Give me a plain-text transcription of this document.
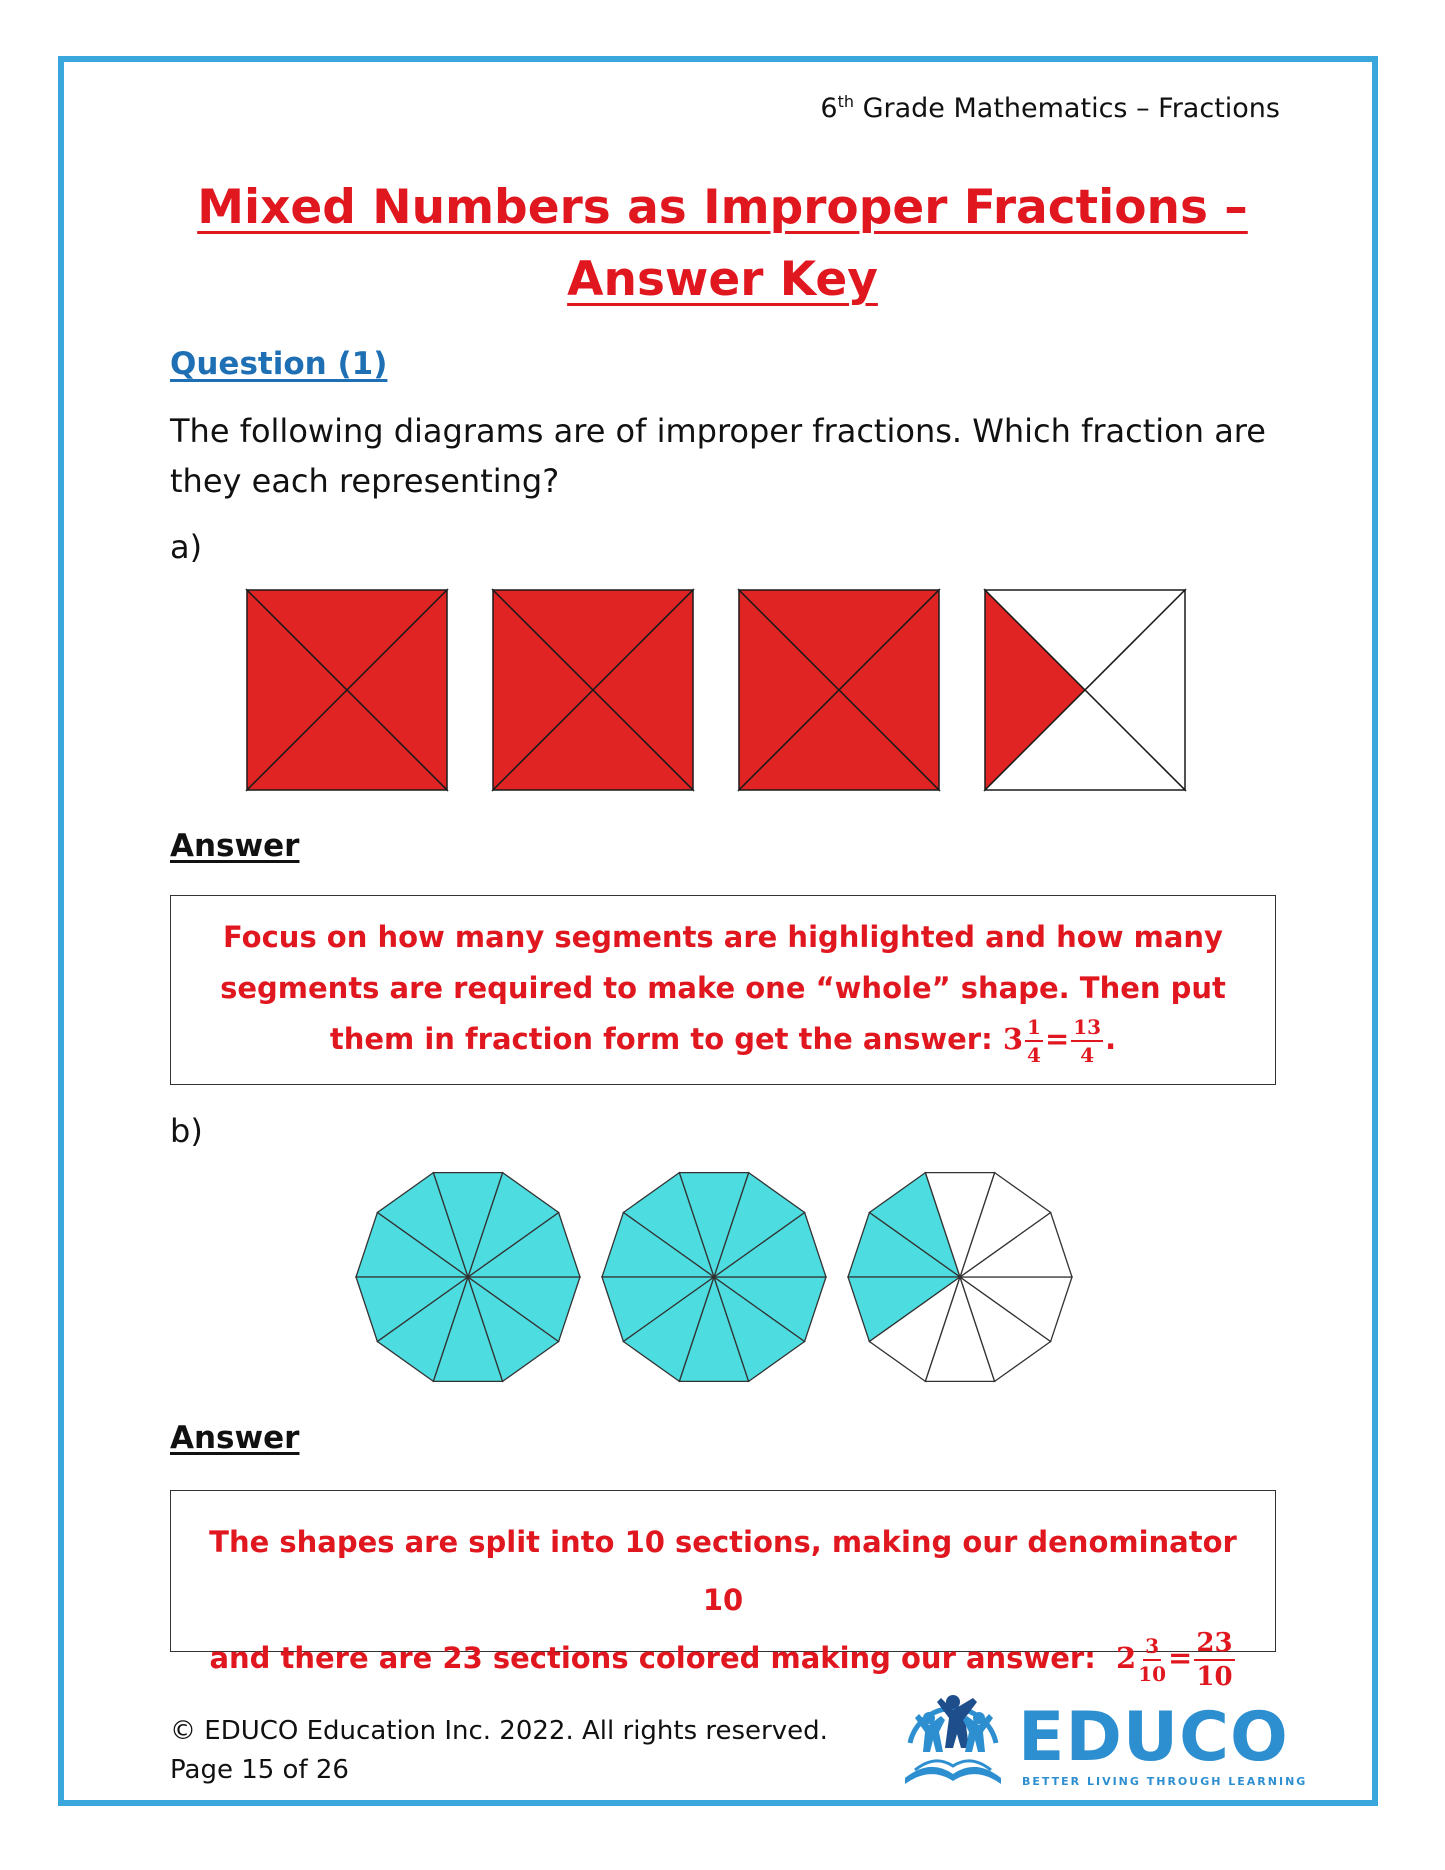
6th Grade Mathematics – Fractions
Mixed Numbers as Improper Fractions –
Answer Key
Question (1)
The following diagrams are of improper fractions. Which fraction are they each representing?
a)
Answer
Focus on how many segments are highlighted and how many segments are required to make one “whole” shape. Then put them in fraction form to get the answer: $3 \frac{1}{4} = \frac{13}{4}$ .
b)
Answer
The shapes are split into 10 sections, making our denominator 10
and there are 23 sections colored making our answer: $2 \frac{3}{10} = \frac{23}{10}$
© EDUCO Education Inc. 2022. All rights reserved.
Page 15 of 26	EDUCO
BETTER LIVING THROUGH LEARNING
